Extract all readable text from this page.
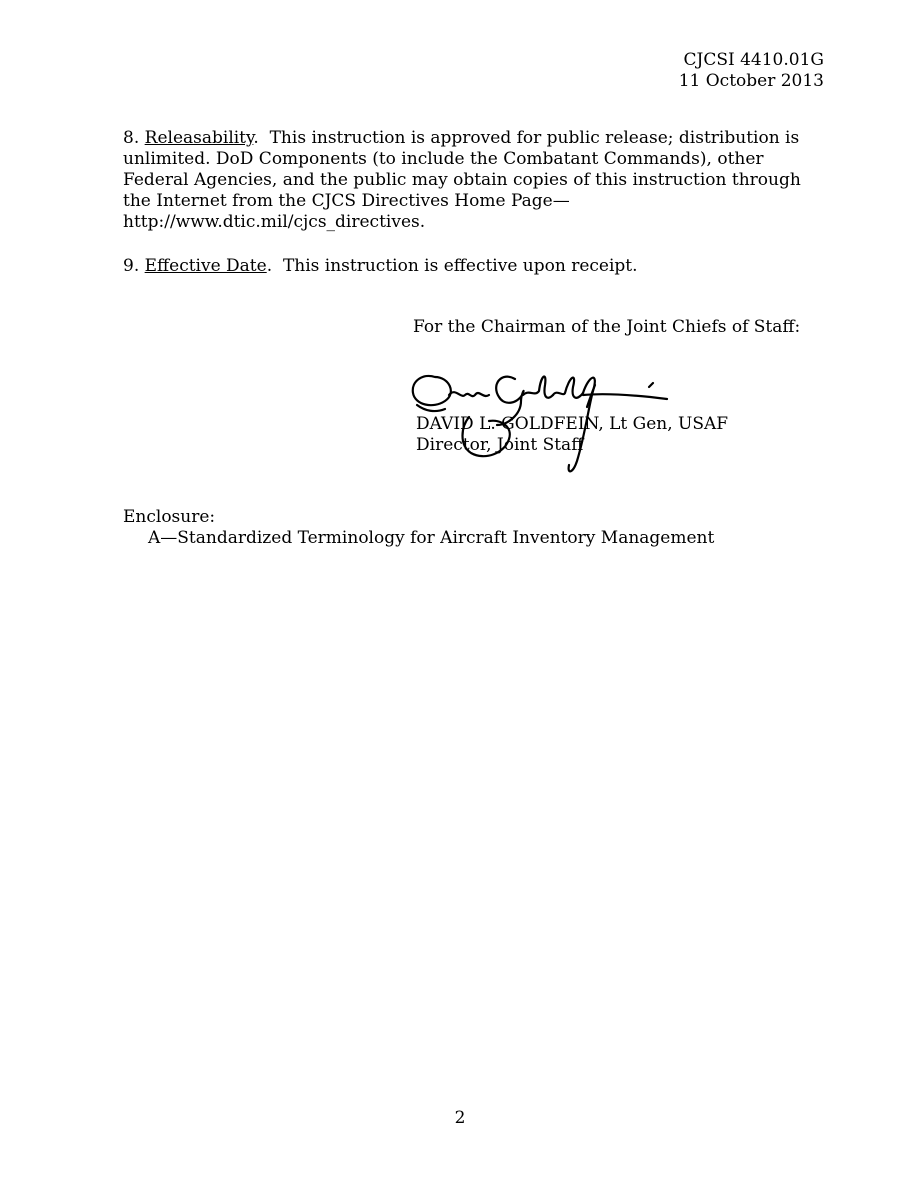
CJCSI 4410.01G
11 October 2013
8. Releasability.  This instruction is approved for public release; distribution is
unlimited. DoD Components (to include the Combatant Commands), other
Federal Agencies, and the public may obtain copies of this instruction through
the Internet from the CJCS Directives Home Page—
http://www.dtic.mil/cjcs_directives.
9. Effective Date.  This instruction is effective upon receipt.
For the Chairman of the Joint Chiefs of Staff:
DAVID L. GOLDFEIN, Lt Gen, USAF
Director, Joint Staff
Enclosure:
A—Standardized Terminology for Aircraft Inventory Management
2
